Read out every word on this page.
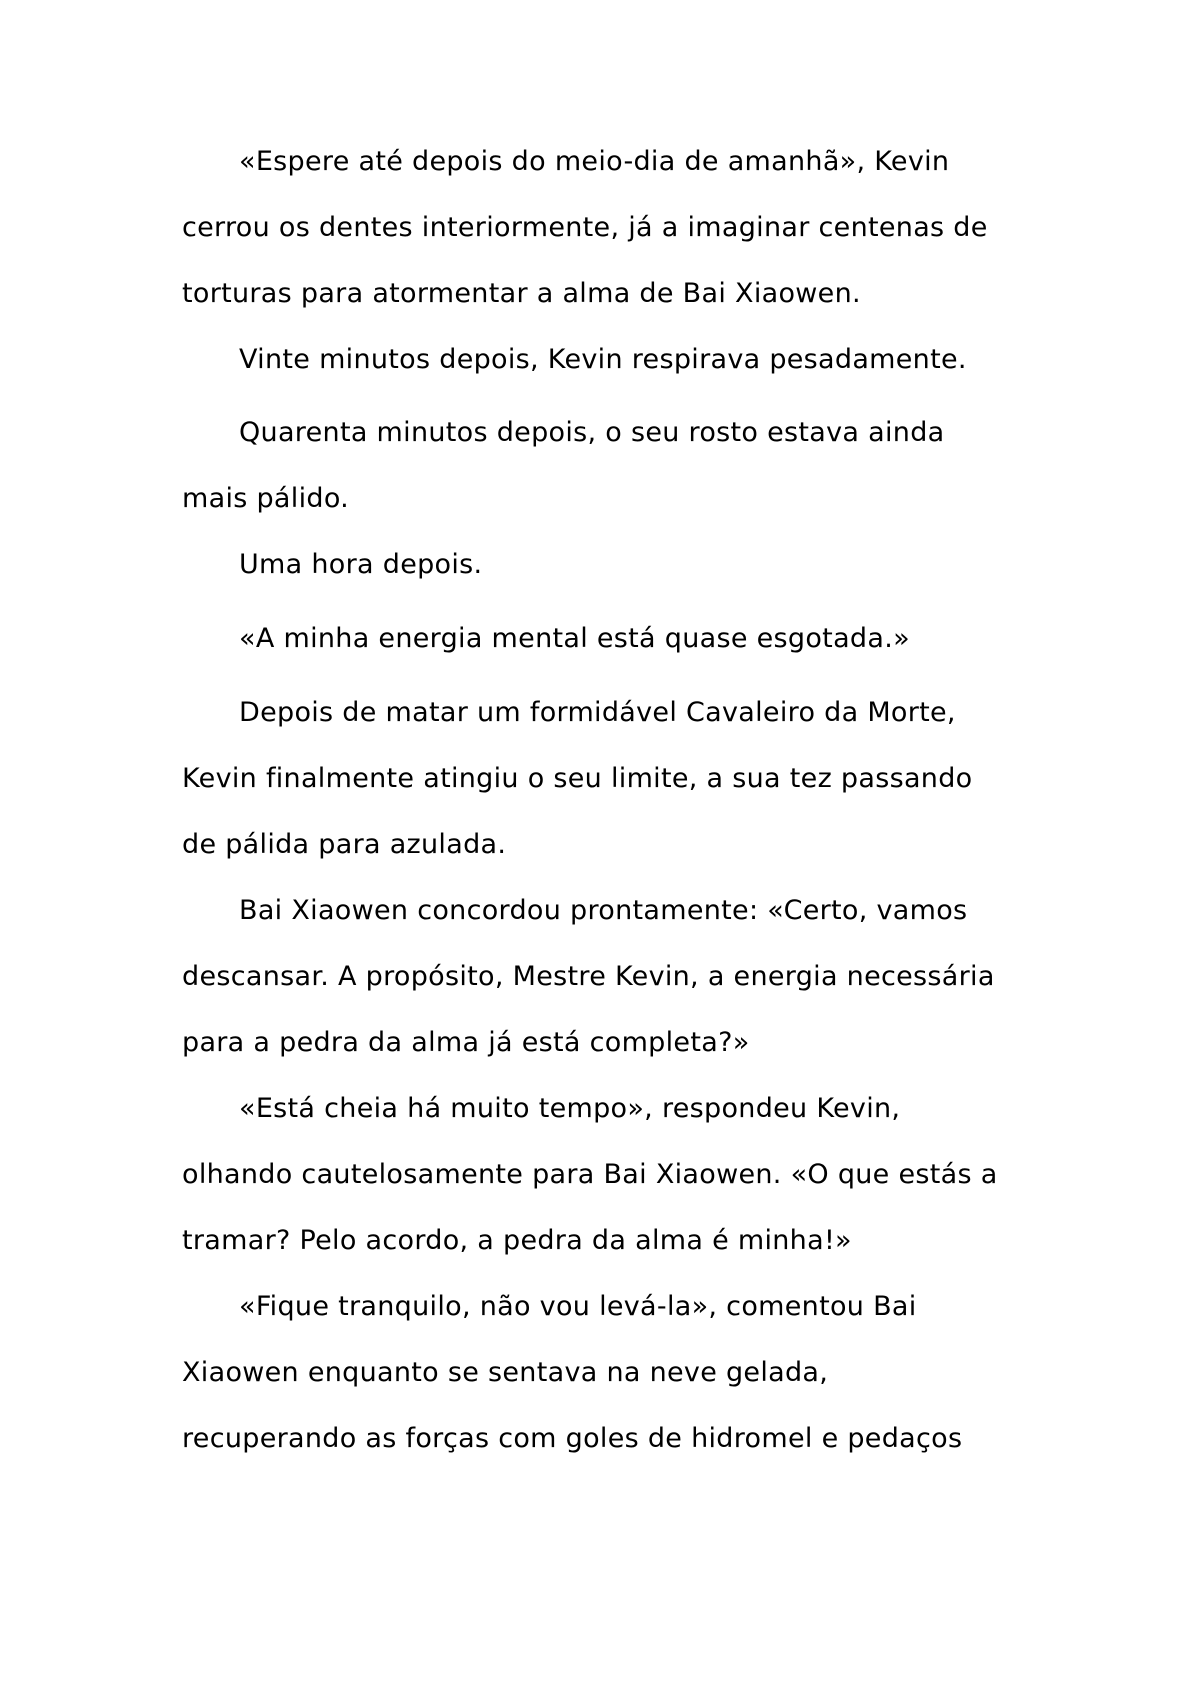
«Espere até depois do meio-dia de amanhã», Kevin
cerrou os dentes interiormente, já a imaginar centenas de
torturas para atormentar a alma de Bai Xiaowen.
Vinte minutos depois, Kevin respirava pesadamente.
Quarenta minutos depois, o seu rosto estava ainda
mais pálido.
Uma hora depois.
«A minha energia mental está quase esgotada.»
Depois de matar um formidável Cavaleiro da Morte,
Kevin finalmente atingiu o seu limite, a sua tez passando
de pálida para azulada.
Bai Xiaowen concordou prontamente: «Certo, vamos
descansar. A propósito, Mestre Kevin, a energia necessária
para a pedra da alma já está completa?»
«Está cheia há muito tempo», respondeu Kevin,
olhando cautelosamente para Bai Xiaowen. «O que estás a
tramar? Pelo acordo, a pedra da alma é minha!»
«Fique tranquilo, não vou levá-la», comentou Bai
Xiaowen enquanto se sentava na neve gelada,
recuperando as forças com goles de hidromel e pedaços
